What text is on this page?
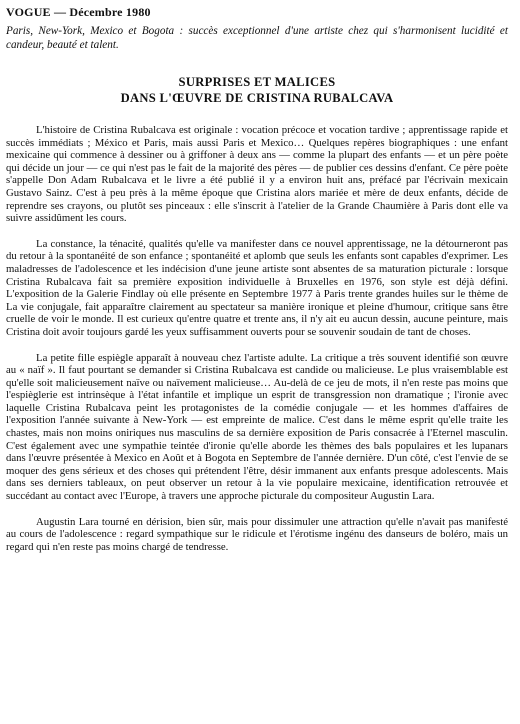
VOGUE — Décembre 1980
Paris, New-York, Mexico et Bogota : succès exceptionnel d'une artiste chez qui s'harmonisent lucidité et candeur, beauté et talent.
SURPRISES ET MALICES
DANS L'ŒUVRE DE CRISTINA RUBALCAVA

L'histoire de Cristina Rubalcava est originale : vocation précoce et vocation tardive ; apprentissage rapide et succès immédiats ; México et Paris, mais aussi Paris et Mexico… Quelques repères biographiques : une enfant mexicaine qui commence à dessiner ou à griffoner à deux ans — comme la plupart des enfants — et un père poète qui décide un jour — ce qui n'est pas le fait de la majorité des pères — de publier ces dessins d'enfant. Ce père poète s'appelle Don Adam Rubalcava et le livre a été publié il y a environ huit ans, préfacé par l'écrivain mexicain Gustavo Sainz. C'est à peu près à la même époque que Cristina alors mariée et mère de deux enfants, décide de reprendre ses crayons, ou plutôt ses pinceaux : elle s'inscrit à l'atelier de la Grande Chaumière à Paris dont elle va suivre assidûment les cours.

La constance, la ténacité, qualités qu'elle va manifester dans ce nouvel apprentissage, ne la détourneront pas du retour à la spontanéité de son enfance ; spontanéité et aplomb que seuls les enfants sont capables d'exprimer. Les maladresses de l'adolescence et les indécision d'une jeune artiste sont absentes de sa maturation picturale : lorsque Cristina Rubalcava fait sa première exposition individuelle à Bruxelles en 1976, son style est déjà défini. L'exposition de la Galerie Findlay où elle présente en Septembre 1977 à Paris trente grandes huiles sur le thème de La vie conjugale, fait apparaître clairement au spectateur sa manière ironique et pleine d'humour, critique sans être cruelle de voir le monde. Il est curieux qu'entre quatre et trente ans, il n'y ait eu aucun dessin, aucune peinture, mais Cristina doit avoir toujours gardé les yeux suffisamment ouverts pour se souvenir soudain de tant de choses.

La petite fille espiègle apparaît à nouveau chez l'artiste adulte. La critique a très souvent identifié son œuvre au « naïf ». Il faut pourtant se demander si Cristina Rubalcava est candide ou malicieuse. Le plus vraisemblable est qu'elle soit malicieusement naïve ou naïvement malicieuse… Au-delà de ce jeu de mots, il n'en reste pas moins que l'espièglerie est intrinsèque à l'état infantile et implique un esprit de transgression non dramatique ; l'ironie avec laquelle Cristina Rubalcava peint les protagonistes de la comédie conjugale — et les hommes d'affaires de l'exposition l'année suivante à New-York — est empreinte de malice. C'est dans le même esprit qu'elle traite les chastes, mais non moins oniriques nus masculins de sa dernière exposition de Paris consacrée à l'Eternel masculin. C'est également avec une sympathie teintée d'ironie qu'elle aborde les thèmes des bals populaires et les lupanars dans l'œuvre présentée à Mexico en Août et à Bogota en Septembre de l'année dernière. D'un côté, c'est l'envie de se moquer des gens sérieux et des choses qui prétendent l'être, désir immanent aux enfants presque adolescents. Mais dans ses derniers tableaux, on peut observer un retour à la vie populaire mexicaine, identification retrouvée et succédant au contact avec l'Europe, à travers une approche picturale du compositeur Augustin Lara.

Augustin Lara tourné en dérision, bien sûr, mais pour dissimuler une attraction qu'elle n'avait pas manifesté au cours de l'adolescence : regard sympathique sur le ridicule et l'érotisme ingénu des danseurs de boléro, mais un regard qui n'en reste pas moins chargé de tendresse.
